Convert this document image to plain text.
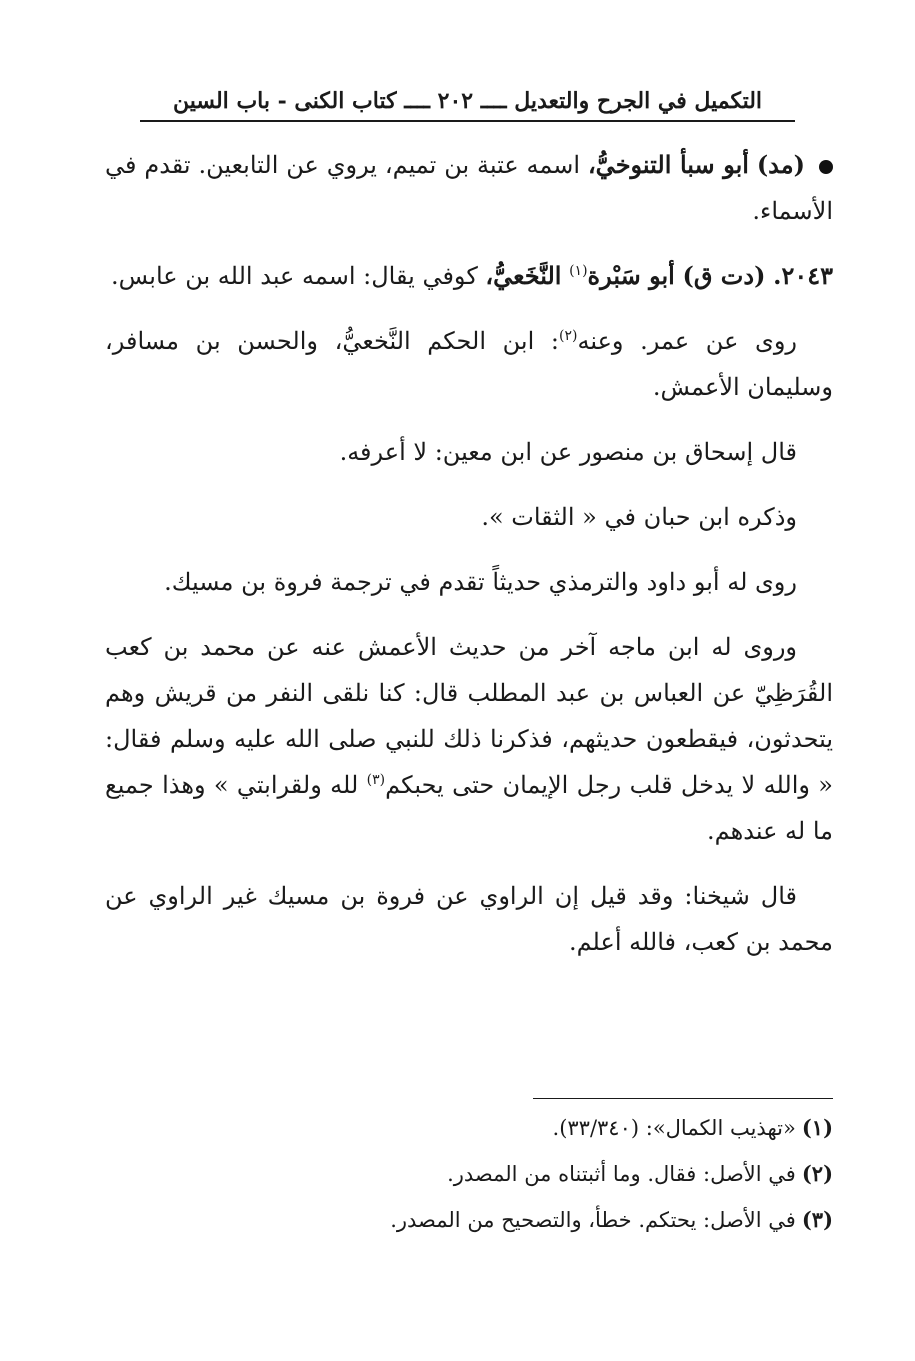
التكميل في الجرح والتعديل ــــ ٢٠٢ ــــ كتاب الكنى - باب السين

(مد) أبو سبأ التنوخيُّ، اسمه عتبة بن تميم، يروي عن التابعين. تقدم في الأسماء.

٢٠٤٣. (دت ق) أبو سَبْرة$^{(١)}$ النَّخَعيُّ، كوفي يقال: اسمه عبد الله بن عابس.

روى عن عمر. وعنه$^{(٢)}$: ابن الحكم النَّخعيُّ، والحسن بن مسافر، وسليمان الأعمش.

قال إسحاق بن منصور عن ابن معين: لا أعرفه.

وذكره ابن حبان في « الثقات ».

روى له أبو داود والترمذي حديثاً تقدم في ترجمة فروة بن مسيك.

وروى له ابن ماجه آخر من حديث الأعمش عنه عن محمد بن كعب القُرَظِيّ عن العباس بن عبد المطلب قال: كنا نلقى النفر من قريش وهم يتحدثون، فيقطعون حديثهم، فذكرنا ذلك للنبي صلى الله عليه وسلم فقال: « والله لا يدخل قلب رجل الإيمان حتى يحبكم$^{(٣)}$ لله ولقرابتي » وهذا جميع ما له عندهم.

قال شيخنا: وقد قيل إن الراوي عن فروة بن مسيك غير الراوي عن محمد بن كعب، فالله أعلم.

(١)«تهذيب الكمال»: (٣٣/٣٤٠).

(٢)في الأصل: فقال. وما أثبتناه من المصدر.

(٣)في الأصل: يحتكم. خطأ، والتصحيح من المصدر.
